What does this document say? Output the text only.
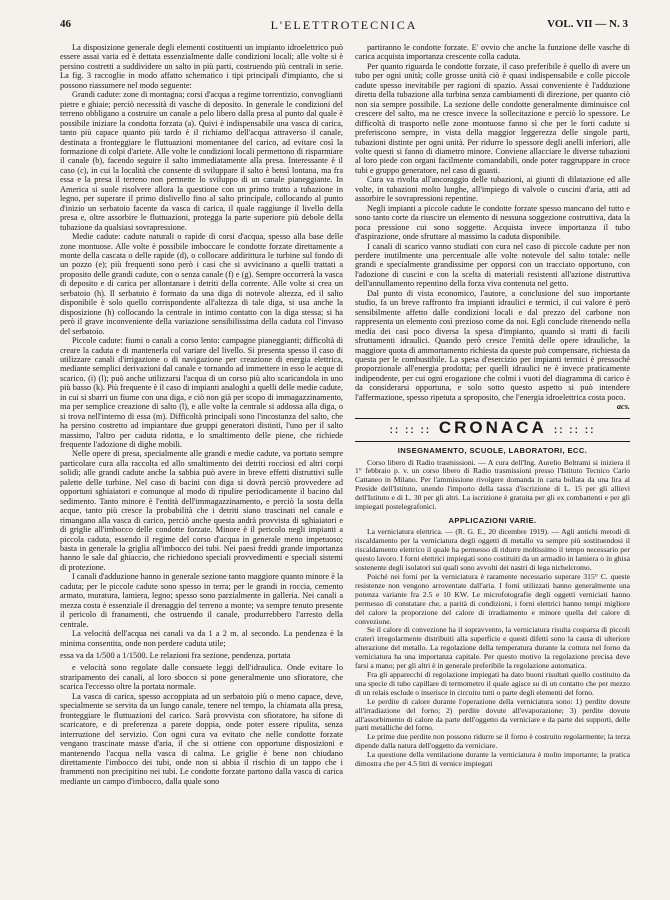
L'ELETTROTECNICA
46	VOL. VII — N. 3

La disposizione generale degli elementi costituenti un impianto idroelettrico può essere assai varia ed è dettata essenzialmente dalle condizioni locali; alle volte si è persino costretti a suddividere un salto in più parti, costruendo più centrali in serie. La fig. 3 raccoglie in modo affatto schematico i tipi principali d'impianto, che si possono riassumere nel modo seguente:

Grandi cadute: zone di montagna; corsi d'acqua a regime torrentizio, convoglianti pietre e ghiaie; perciò necessità di vasche di deposito. In generale le condizioni del terreno obbligano a costruire un canale a pelo libero dalla presa al punto dal quale è possibile iniziare la condotta forzata (a). Quivi è indispensabile una vasca di carica, tanto più capace quanto più tardo è il richiamo dell'acqua attraverso il canale, destinata a fronteggiare le fluttuazioni momentanee del carico, ad evitare così la formazione di colpi d'ariete. Alle volte le condizioni locali permettono di risparmiare il canale (b), facendo seguire il salto immediatamente alla presa. Interessante è il caso (c), in cui la località che consente di sviluppare il salto è bensì lontana, ma fra essa e la presa il terreno non permette lo sviluppo di un canale pianeggiante. In America si suole risolvere allora la questione con un primo tratto a tubazione in legno, per superare il primo dislivello fino al salto principale, collocando al punto d'inizio un serbatoio facente da vasca di carica, il quale raggiunge il livello della presa e, oltre assorbire le fluttuazioni, protegga la parte superiore più debole della tubazione da qualsiasi sovrapressione.

Medie cadute: cadute naturali o rapide di corsi d'acqua, spesso alla base delle zone montuose. Alle volte è possibile imboccare le condotte forzate direttamente a monte della cascata o delle rapide (d), o collocare addirittura le turbine sul fondo di un pozzo (e); più frequenti sono però i casi che si avvicinano a quelli trattati a proposito delle grandi cadute, con o senza canale (f) e (g). Sempre occorrerà la vasca di deposito e di carica per allontanare i detriti della corrente. Alle volte si crea un serbatoio (h). Il serbatoio è formato da una diga di notevole altezza, ed il salto disponibile è solo quello corrispondente all'altezza di tale diga, si usa anche la disposizione (h) collocando la centrale in intimo contatto con la diga stessa; si ha però il grave inconveniente della variazione sensibilissima della caduta col l'invaso del serbatoio.

Piccole cadute: fiumi o canali a corso lento: campagne pianeggianti; difficoltà di creare la caduta e di mantenerla col variare del livello. Si presenta spesso il caso di utilizzare canali d'irrigazione o di navigazione per creazione di energia elettrica, mediante semplici derivazioni dal canale e tornando ad immettere in esso le acque di scarico. (i) (l); può anche utilizzarsi l'acqua di un corso più alto scaricandola in uno più basso (k). Più frequente è il caso di impianti analoghi a quelli delle medie cadute, in cui si sbarri un fiume con una diga, e ciò non già per scopo di immagazzinamento, ma per semplice creazione di salto (l), e alle volte la centrale si addossa alla diga, o si trova nell'interno di essa (m). Difficoltà principali sono l'incostanza del salto, che ha persino costretto ad impiantare due gruppi generatori distinti, l'uno per il salto massimo, l'altro per caduta ridotta, e lo smaltimento delle piene, che richiede frequente l'adozione di dighe mobili.

Nelle opere di presa, specialmente alle grandi e medie cadute, va portato sempre particolare cura alla raccolta ed allo smaltimento dei detriti rocciosi ed altri corpi solidi; alle grandi cadute anche la sabbia può avere in breve effetti distruttivi sulle palette delle turbine. Nel caso di bacini con diga si dovrà perciò provvedere ad opportuni sghiaiatori e comunque al modo di ripulire periodicamente il bacino dal sedimento. Tanto minore è l'entità dell'immagazzinamento, e perciò la sosta della acque, tanto più cresce la probabilità che i detriti siano trascinati nel canale e rimangano alla vasca di carico, perciò anche questa andrà provvista di sghiaiatori e di griglie all'imbocco delle condotte forzate. Minore è il pericolo negli impianti a piccola caduta, essendo il regime del corso d'acqua in generale meno impetuoso; basta in generale la griglia all'imbocco dei tubi. Nei paesi freddi grande importanza hanno le sale dal ghiaccio, che richiedono speciali provvedimenti e speciali sistemi di protezione.

I canali d'adduzione hanno in generale sezione tanto maggiore quanto minore è la caduta; per le piccole cadute sono spesso in terra; per le grandi in roccia, cemento armato, muratura, lamiera, legno; spesso sono parzialmente in galleria. Nei canali a mezza costa è essenziale il drenaggio del terreno a monte; va sempre tenuto presente il pericolo di franamenti, che ostruendo il canale, produrrebbero l'arresto della centrale.

La velocità dell'acqua nei canali va da 1 a 2 m. al secondo. La pendenza è la minima consentita, onde non perdere caduta utile;

essa va da 1/500 a 1/1500. Le relazioni fra sezione, pendenza, portata

e velocità sono regolate dalle consuete leggi dell'idraulica. Onde evitare lo straripamento dei canali, al loro sbocco si pone generalmente uno sfioratore, che scarica l'eccesso oltre la portata normale.

La vasca di carica, spesso accoppiata ad un serbatoio più o meno capace, deve, specialmente se servita da un lungo canale, tenere nel tempo, la chiamata alla presa, fronteggiare le fluttuazioni del carico. Sarà provvista con sfioratore, ha sifone di scaricatore, e di preferenza a parete doppia, onde poter essere ripulita, senza interruzione del servizio. Con ogni cura va evitato che nelle condotte forzate vengano trascinate masse d'aria, il che si ottiene con opportune disposizioni e mantenendo l'acqua nella vasca di calma. Le griglie è bene non chiudano direttamente l'imbocco dei tubi, onde non si abbia il rischio di un tappo che i frammenti non precipitino nei tubi. Le condotte forzate partono dalla vasca di carica mediante un campo d'imbocco, dalla quale sono

partiranno le condotte forzate. E' ovvio che anche la funzione delle vasche di carica acquista importanza crescente colla caduta.

Per quanto riguarda le condotte forzate, il caso preferibile è quello di avere un tubo per ogni unità; colle grosse unità ciò è quasi indispensabile e colle piccole cadute spesso inevitabile per ragioni di spazio. Assai conveniente è l'adduzione diretta della tubazione alla turbina senza cambiamenti di direzione, per quanto ciò non sia sempre possibile. La sezione delle condotte generalmente diminuisce col crescere del salto, ma ne cresce invece la sollecitazione e perciò lo spessore. Le difficoltà di trasporto nelle zone montuose fanno sì che per le forti cadute si preferiscono sempre, in vista della maggior leggerezza delle singole parti, tubazioni distinte per ogni unità. Per ridurre lo spessore degli anelli inferiori, alle volte questi si fanno di diametro minore. Conviene allacciare le diverse tubazioni al loro piede con organi facilmente comandabili, onde poter raggruppare in croce tubi e gruppo generatore, nel caso di guasti.

Cura va rivolta all'ancoraggio delle tubazioni, ai giunti di dilatazione ed alle volte, in tubazioni molto lunghe, all'impiego di valvole o cuscini d'aria, atti ad assorbire le sovrapressioni repentine.

Negli impianti a piccole cadute le condotte forzate spesso mancano del tutto e sono tanto corte da riuscire un elemento di nessuna soggezione costruttiva, data la poca pressione cui sono soggette. Acquista invece importanza il tubo d'aspirazione, onde sfruttare al massimo la caduta disponibile.

I canali di scarico vanno studiati con cura nel caso di piccole cadute per non perdere inutilmente una percentuale alle volte notevole del salto totale: nelle grandi e specialmente grandissime per opporsi con un tracciato opportuno, con l'adozione di cuscini e con la scelta di materiali resistenti all'azione distruttiva dell'annullamento repentino della forza viva contenuta nel getto.

Dal punto di vista economico, l'autore, a conclusione del suo importante studio, fa un breve raffronto fra impianti idraulici e termici, il cui valore è però sensibilmente affetto dalle condizioni locali e dal prezzo del carbone non rappresenta un elemento così prezioso come da noi. Egli conclude ritenendo nella media dei casi poco diversa la spesa d'impianto, quando si tratti di facili sfruttamenti idraulici. Quando però cresce l'entità delle opere idrauliche, la maggiore quota di ammortamento richiesta da queste può compensare, richiesta da questa per le combustibile. La spesa d'esercizio per impianti termici è pressoché proporzionale all'energia prodotta; per quelli idraulici ne è invece praticamente indipendente, per cui ogni erogazione che colmi i vuoti del diagramma di carico è da considerarsi opportuna, e solo sotto questo aspetto si può intendere l'affermazione, spesso ripetuta a sproposito, che l'energia idroelettrica costa poco.

acs.
:: :: :: CRONACA :: :: ::
INSEGNAMENTO, SCUOLE, LABORATORI, ECC.

Corso libero di Radio trasmissioni. — A cura dell'Ing. Aurelio Beltrami si iniziera il 1° febbraio p. v. un corso libero di Radio trasmissioni presso l'Istituto Tecnico Carlo Cattaneo in Milano. Per l'ammissione rivolgere domanda in carta bollata da una lira al Preside dell'Istituto, unendo l'importo della tassa d'iscrizione di L. 15 per gli allievi dell'Istituto e di L. 30 per gli altri. La iscrizione è gratuita per gli ex combattenti e per gli impiegati postelegrafonici.

APPLICAZIONI VARIE.

La verniciatura elettrica. — (R. G. E., 20 dicembre 1919). — Agli antichi metodi di riscaldamento per la verniciatura degli oggetti di metallo va sempre più sostituendosi il riscaldamento elettrico il quale ha permesso di ridurre moltissimo il tempo necessario per questo lavoro. I forni elettrici impiegati sono costituiti da un armadio in lamiera o in ghisa sostenente degli isolatori sui quali sono avvolti dei nastri di lega nichelcromo.

Poiché nei forni per la verniciatura è raramente necessario superare 315° C. queste resistenze non vengono arroventate dall'aria. I forni utilizzati hanno generalmente una potenza variante fra 2.5 e 10 KW. Le microfotografie degli oggetti verniciati hanno permesso di constatare che, a parità di condizioni, i forni elettrici hanno tempi migliore del calore la proporzione del calore di irradiamento e minore quella del calore di convezione.

Se il calore di convezione ha il sopravvento, la verniciatura risulta cosparsa di piccoli crateri irregolarmente distribuiti alla superficie e questi difetti sono la causa di ulteriore alterazione del metallo. La regolazione della temperatura durante la cottura nel forno da verniciatura ha una importanza capitale. Per questo motivo la regolazione precisa deve farsi a mano; per gli altri è in generale preferibile la regolazione automatica.

Fra gli apparecchi di regolazione impiegati ha dato buoni risultati quello costituito da una specie di tubo capillare di termometro il quale agisce su di un contatto che per mezzo di un relais esclude o inserisce in circuito tutti o parte degli elementi del forno.

Le perdite di calore durante l'operazione della verniciatura sono: 1) perdite dovute all'irradiazione del forno; 2) perdite dovute all'evaporazione; 3) perdite dovute all'assorbimento di calore da parte dell'oggetto da verniciare e da parte dei supporti, delle parti metalliche del forno.

Le prime due perdite non possono ridurre se il forno è costruito regolarmente; la terza dipende dalla natura dell'oggetto da verniciare.

La questione della ventilazione durante la verniciatura è molto importante; la pratica dimostra che per 4.5 litri di vernice impiegati
